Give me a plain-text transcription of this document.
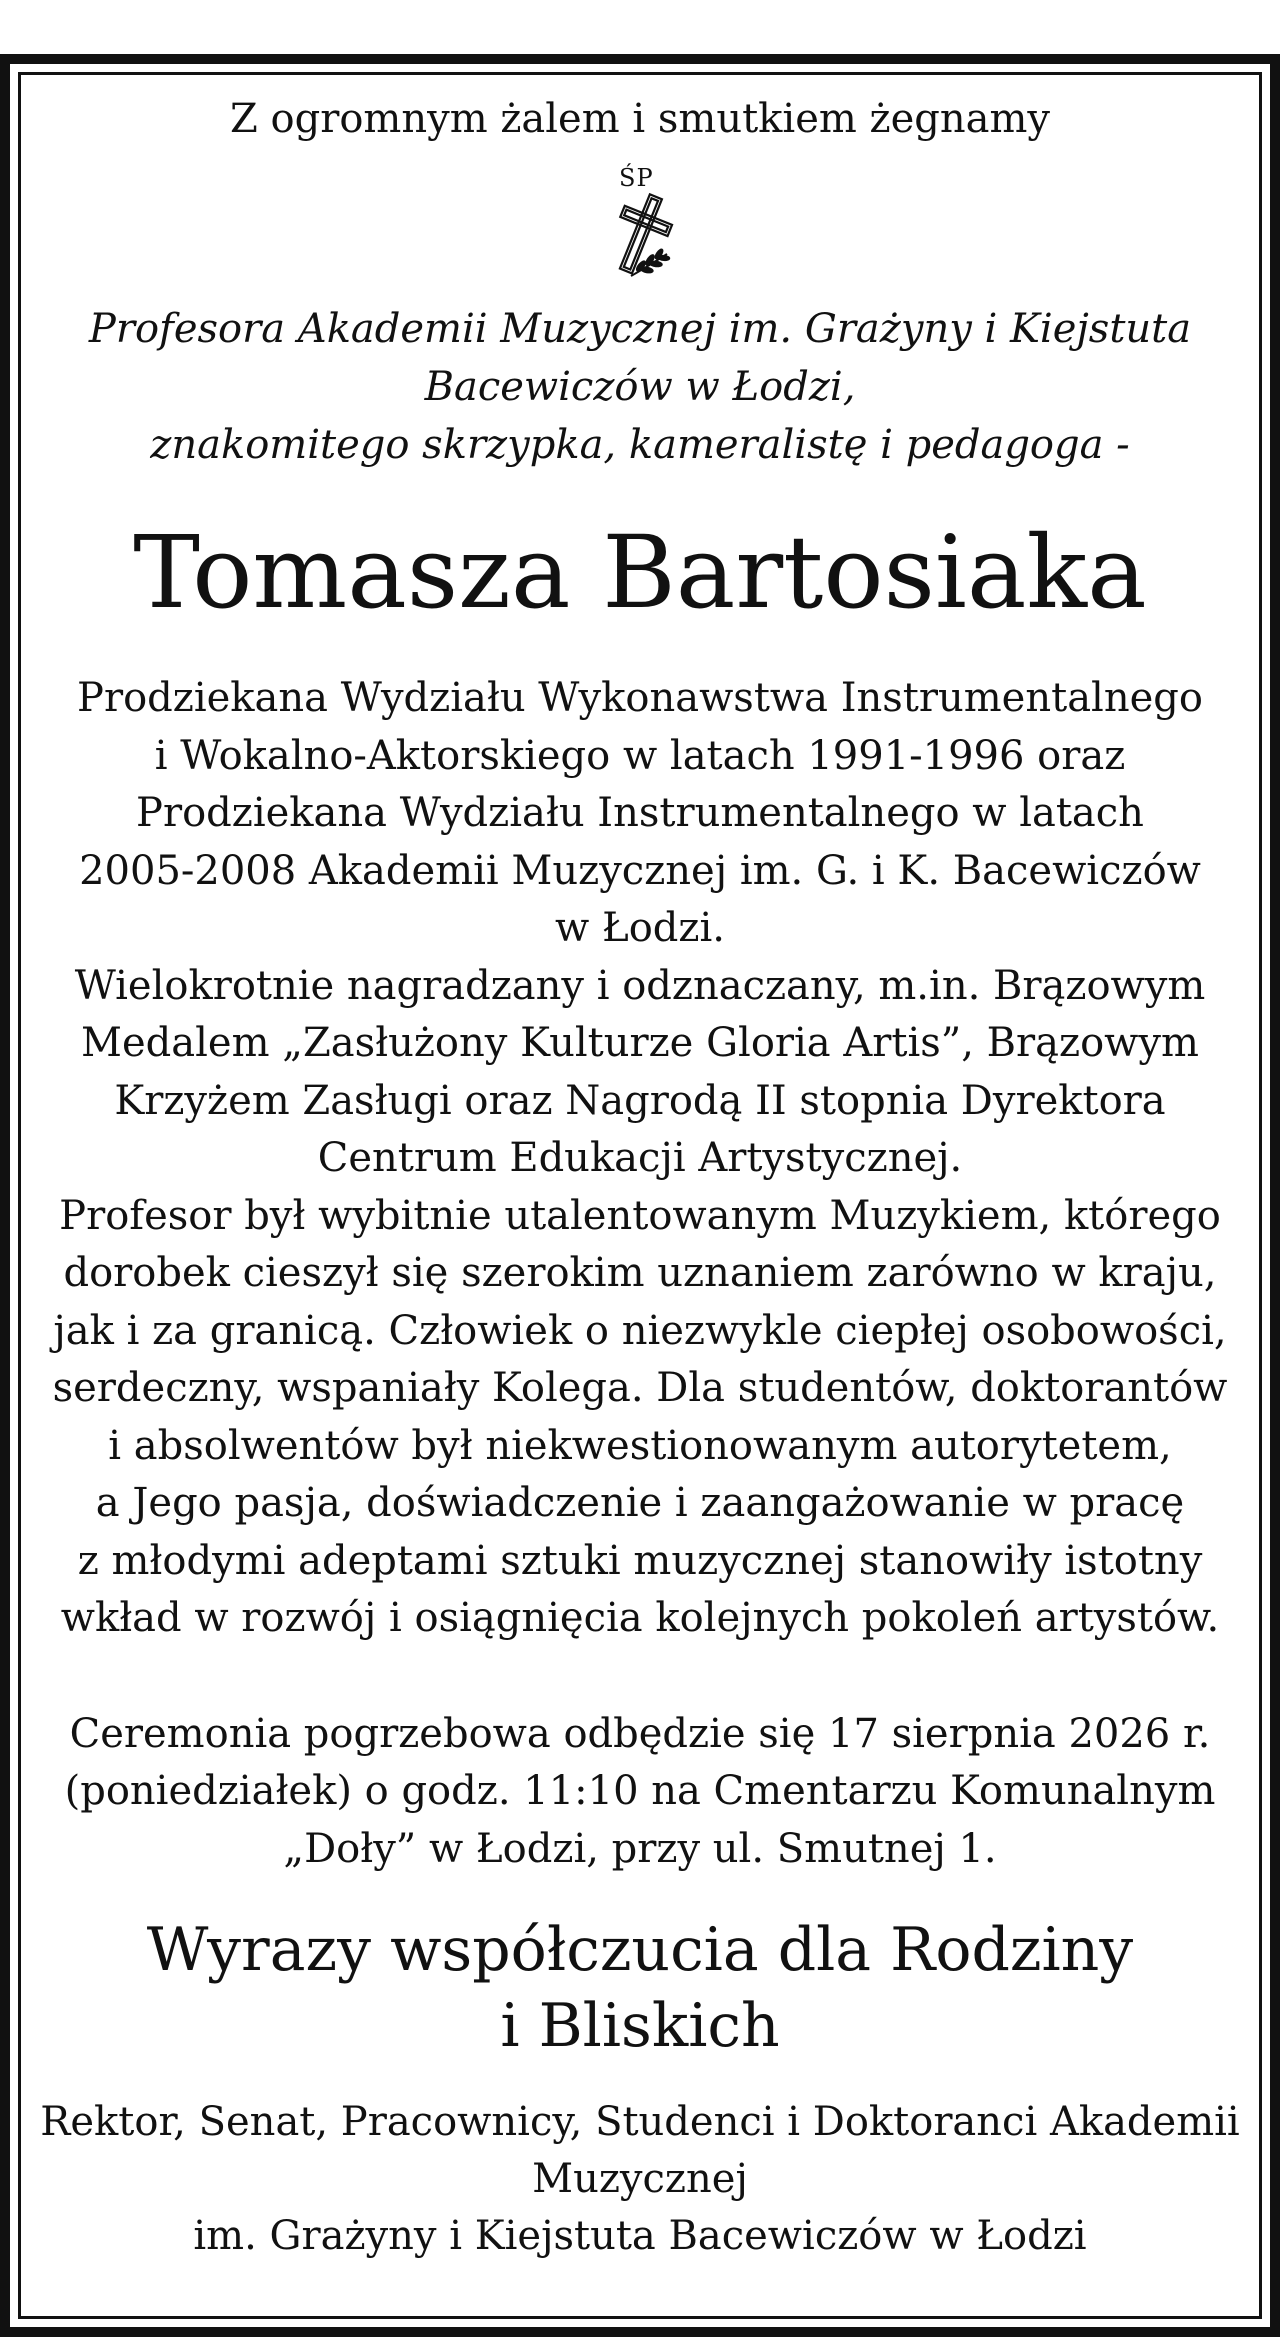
Z ogromnym żalem i smutkiem żegnamy

ŚP
Profesora Akademii Muzycznej im. Grażyny i Kiejstuta
Bacewiczów w Łodzi,
znakomitego skrzypka, kameralistę i pedagoga -
Tomasza Bartosiaka
Prodziekana Wydziału Wykonawstwa Instrumentalnego
i Wokalno-Aktorskiego w latach 1991-1996 oraz
Prodziekana Wydziału Instrumentalnego w latach
2005-2008 Akademii Muzycznej im. G. i K. Bacewiczów
w Łodzi.
Wielokrotnie nagradzany i odznaczany, m.in. Brązowym
Medalem „Zasłużony Kulturze Gloria Artis”, Brązowym
Krzyżem Zasługi oraz Nagrodą II stopnia Dyrektora
Centrum Edukacji Artystycznej.
Profesor był wybitnie utalentowanym Muzykiem, którego
dorobek cieszył się szerokim uznaniem zarówno w kraju,
jak i za granicą. Człowiek o niezwykle ciepłej osobowości,
serdeczny, wspaniały Kolega. Dla studentów, doktorantów
i absolwentów był niekwestionowanym autorytetem,
a Jego pasja, doświadczenie i zaangażowanie w pracę
z młodymi adeptami sztuki muzycznej stanowiły istotny
wkład w rozwój i osiągnięcia kolejnych pokoleń artystów.
Ceremonia pogrzebowa odbędzie się 17 sierpnia 2026 r.
(poniedziałek) o godz. 11:10 na Cmentarzu Komunalnym
„Doły” w Łodzi, przy ul. Smutnej 1.
Wyrazy współczucia dla Rodziny
i Bliskich
Rektor, Senat, Pracownicy, Studenci i Doktoranci Akademii
Muzycznej
im. Grażyny i Kiejstuta Bacewiczów w Łodzi
